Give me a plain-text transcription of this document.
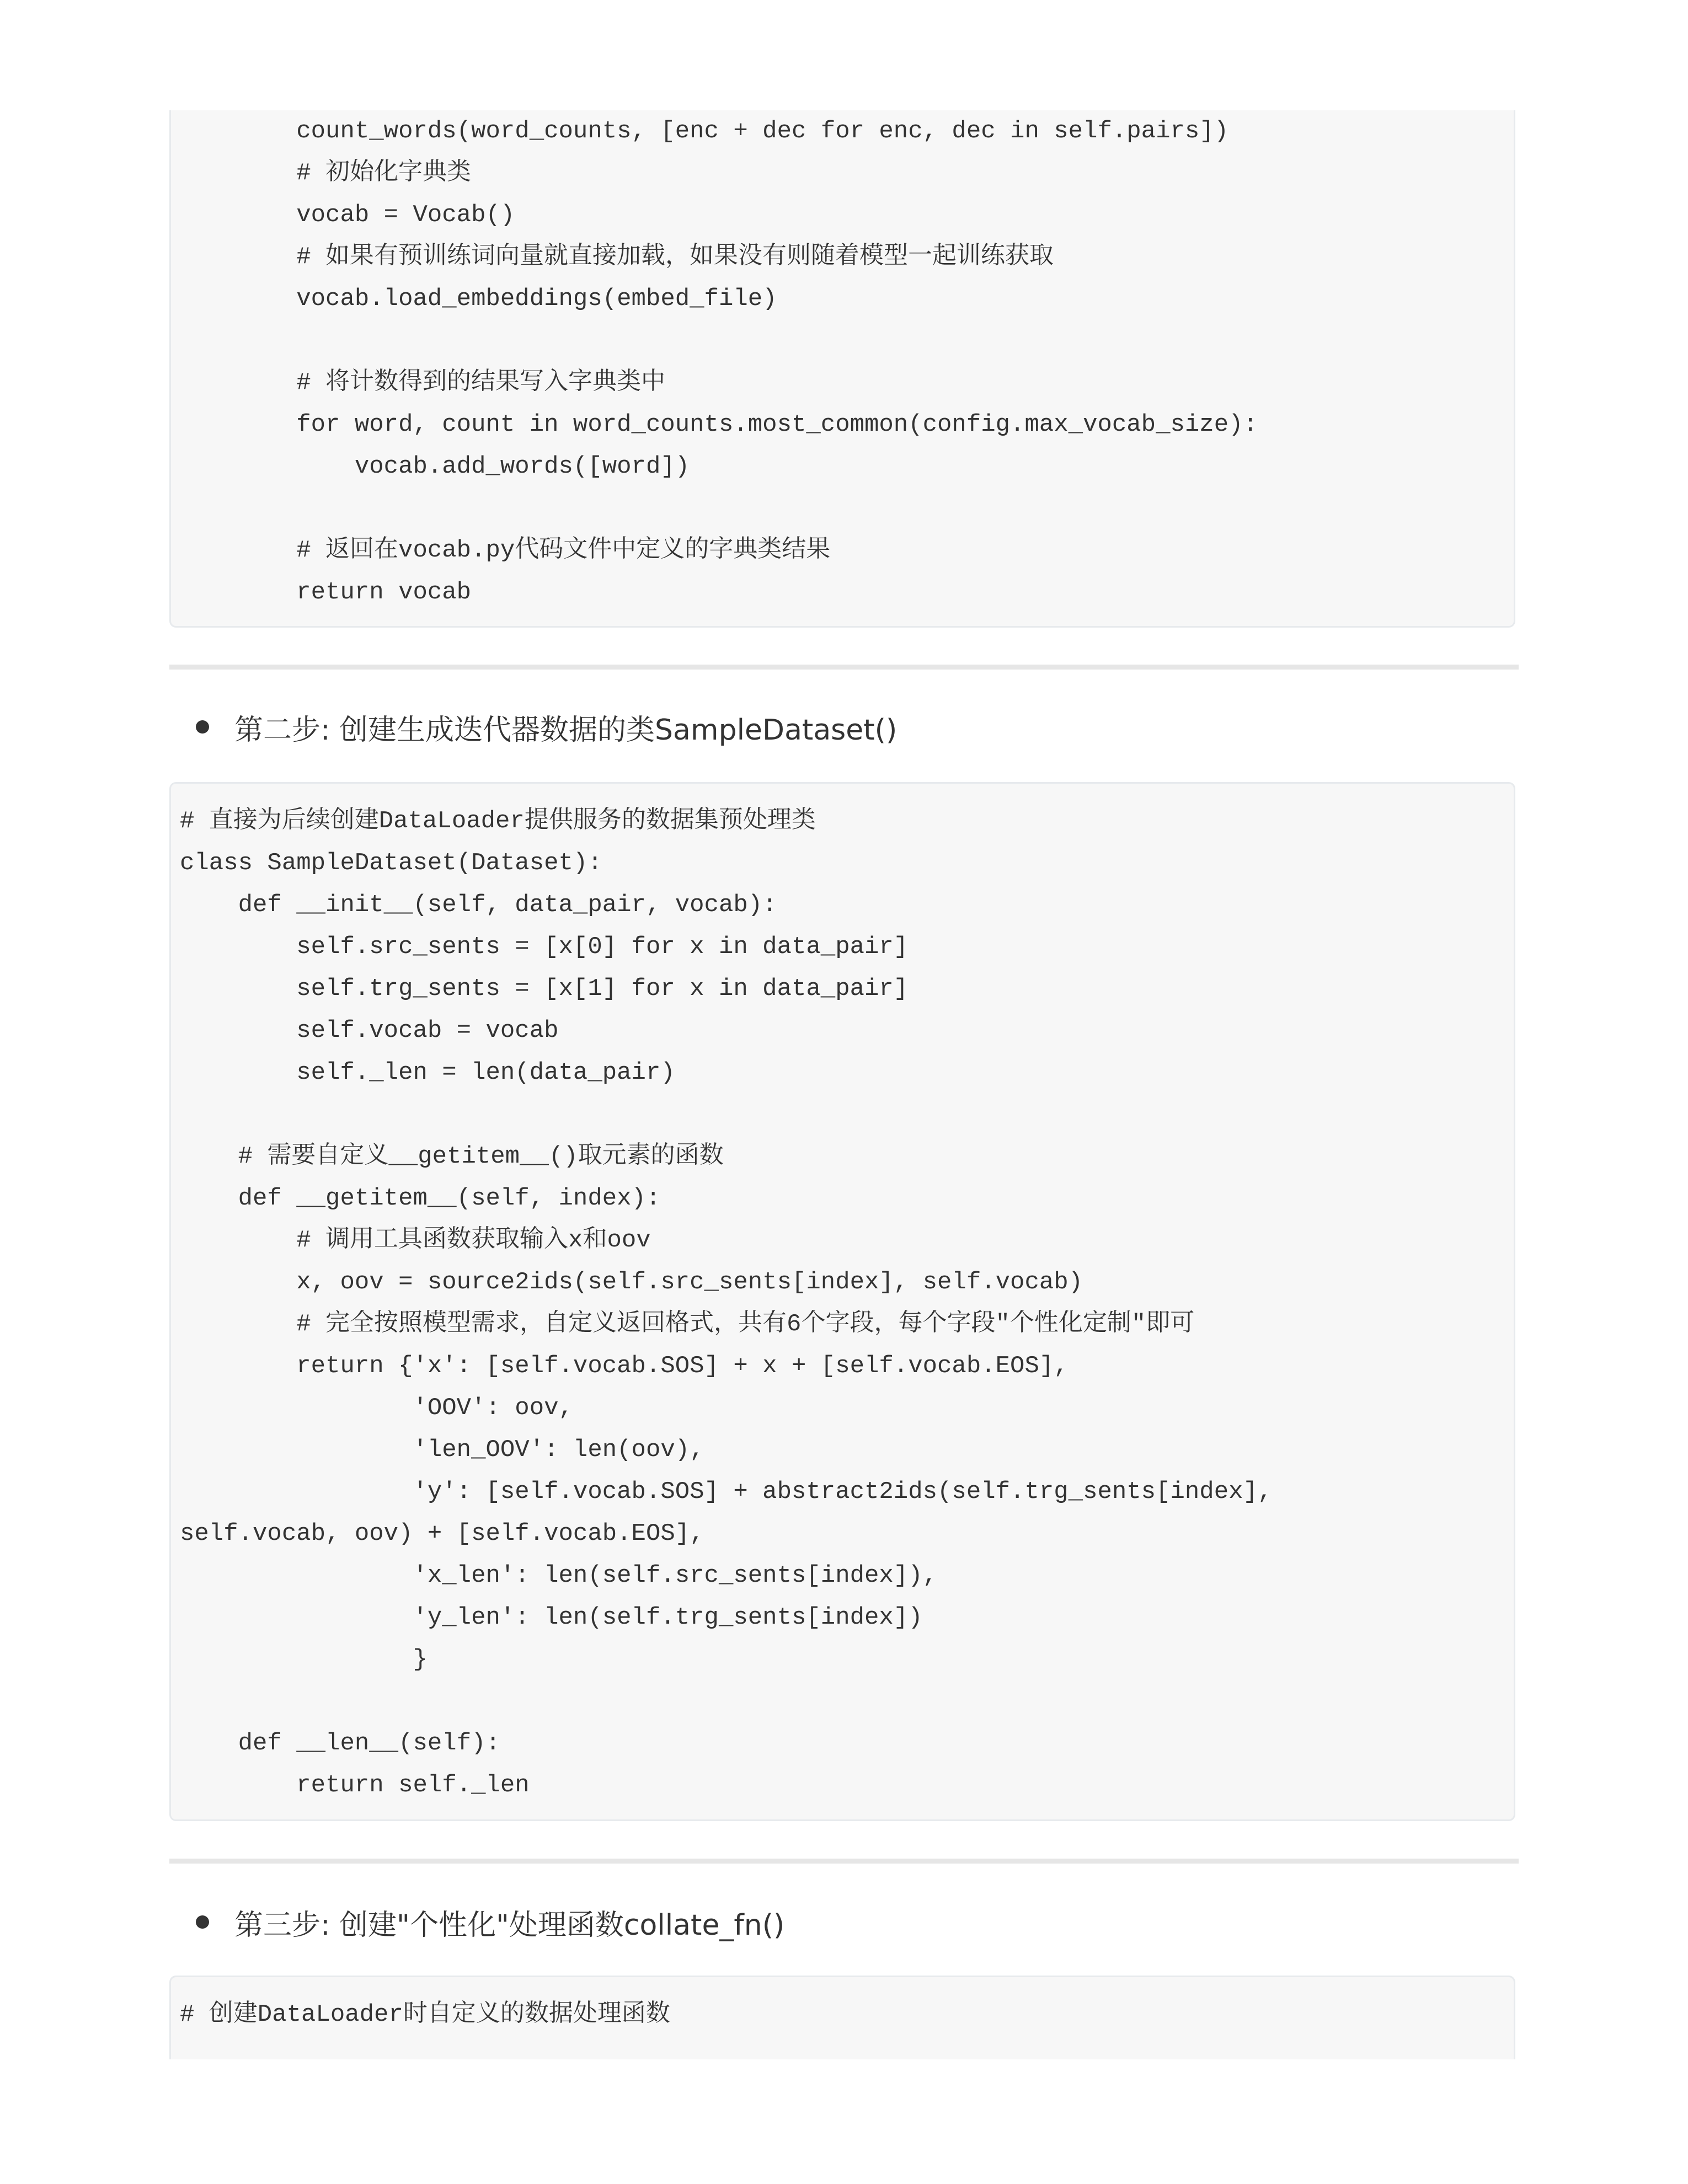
count_words(word_counts, [enc + dec for enc, dec in self.pairs])
# 初始化字典类
vocab = Vocab()
# 如果有预训练词向量就直接加载，如果没有则随着模型一起训练获取
vocab.load_embeddings(embed_file)
# 将计数得到的结果写入字典类中
for word, count in word_counts.most_common(config.max_vocab_size):
vocab.add_words([word])
# 返回在vocab.py代码文件中定义的字典类结果
return vocab
第二步: 创建生成迭代器数据的类SampleDataset()
# 直接为后续创建DataLoader提供服务的数据集预处理类
class SampleDataset(Dataset):
def __init__(self, data_pair, vocab):
self.src_sents = [x[0] for x in data_pair]
self.trg_sents = [x[1] for x in data_pair]
self.vocab = vocab
self._len = len(data_pair)
# 需要自定义__getitem__()取元素的函数
def __getitem__(self, index):
# 调用工具函数获取输入x和oov
x, oov = source2ids(self.src_sents[index], self.vocab)
# 完全按照模型需求，自定义返回格式，共有6个字段，每个字段"个性化定制"即可
return {'x': [self.vocab.SOS] + x + [self.vocab.EOS],
'OOV': oov,
'len_OOV': len(oov),
'y': [self.vocab.SOS] + abstract2ids(self.trg_sents[index],
self.vocab, oov) + [self.vocab.EOS],
'x_len': len(self.src_sents[index]),
'y_len': len(self.trg_sents[index])
}
def __len__(self):
return self._len
第三步: 创建"个性化"处理函数collate_fn()
# 创建DataLoader时自定义的数据处理函数
